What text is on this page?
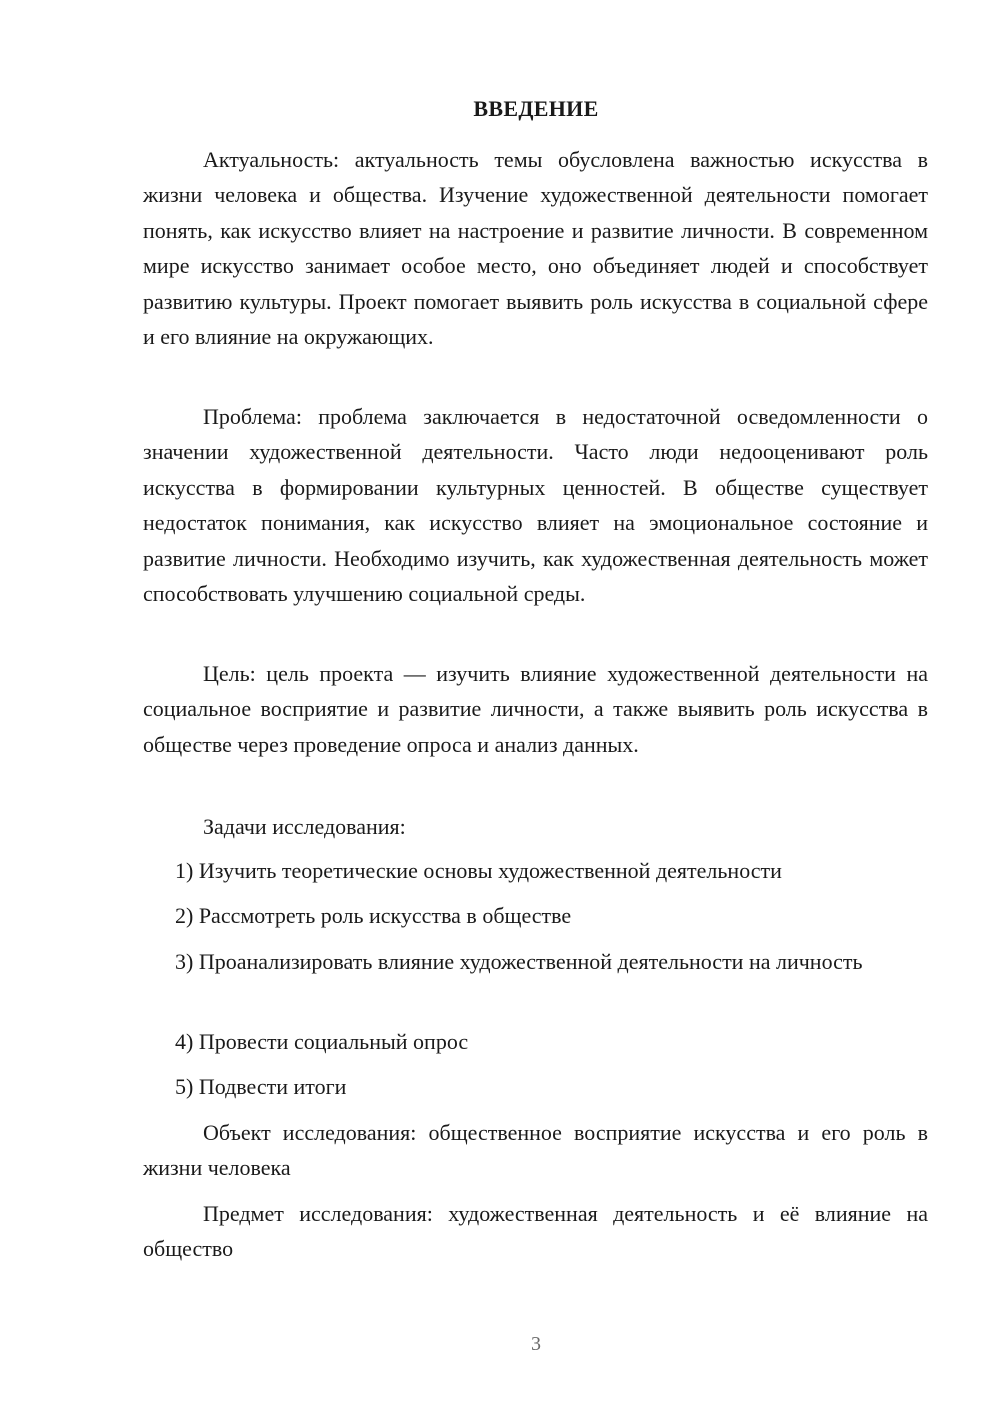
ВВЕДЕНИЕ

Актуальность: актуальность темы обусловлена важностью искусства в жизни человека и общества. Изучение художественной деятельности помогает понять, как искусство влияет на настроение и развитие личности. В современном мире искусство занимает особое место, оно объединяет людей и способствует развитию культуры. Проект помогает выявить роль искусства в социальной сфере и его влияние на окружающих.

Проблема: проблема заключается в недостаточной осведомленности о значении художественной деятельности. Часто люди недооценивают роль искусства в формировании культурных ценностей. В обществе существует недостаток понимания, как искусство влияет на эмоциональное состояние и развитие личности. Необходимо изучить, как художественная деятельность может способствовать улучшению социальной среды.

Цель: цель проекта — изучить влияние художественной деятельности на социальное восприятие и развитие личности, а также выявить роль искусства в обществе через проведение опроса и анализ данных.

Задачи исследования:

1) Изучить теоретические основы художественной деятельности

2) Рассмотреть роль искусства в обществе

3) Проанализировать влияние художественной деятельности на личность

4) Провести социальный опрос

5) Подвести итоги

Объект исследования: общественное восприятие искусства и его роль в жизни человека

Предмет исследования: художественная деятельность и её влияние на общество

3
